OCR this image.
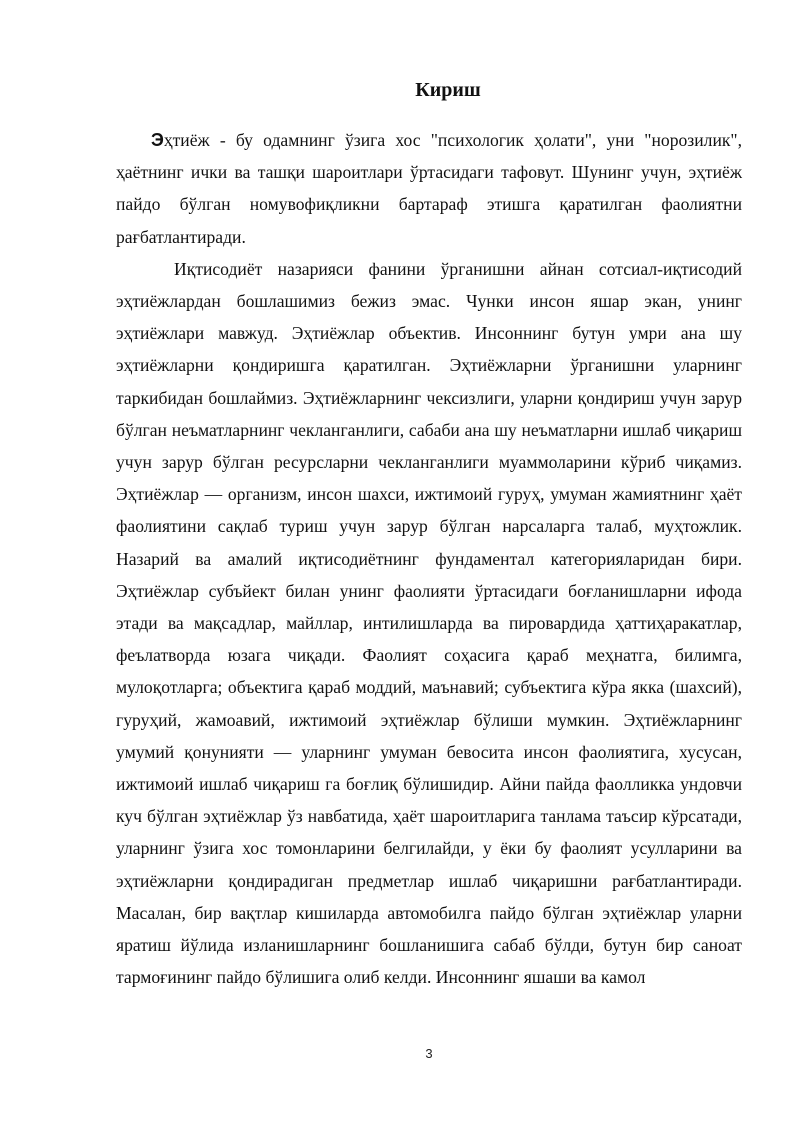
Кириш

Эҳтиёж - бу одамнинг ўзига хос "психологик ҳолати", уни "норозилик", ҳаётнинг ички ва ташқи шароитлари ўртасидаги тафовут. Шунинг учун, эҳтиёж пайдо бўлган номувофиқликни бартараф этишга қаратилган фаолиятни рағбатлантиради.

Иқтисодиёт назарияси фанини ўрганишни айнан сотсиал-иқтисодий эҳтиёжлардан бошлашимиз бежиз эмас. Чунки инсон яшар экан, унинг эҳтиёжлари мавжуд. Эҳтиёжлар объектив. Инсоннинг бутун умри ана шу эҳтиёжларни қондиришга қаратилган. Эҳтиёжларни ўрганишни уларнинг таркибидан бошлаймиз. Эҳтиёжларнинг чексизлиги, уларни қондириш учун зарур бўлган неъматларнинг чекланганлиги, сабаби ана шу неъматларни ишлаб чиқариш учун зарур бўлган ресурсларни чекланганлиги муаммоларини кўриб чиқамиз. Эҳтиёжлар — организм, инсон шахси, ижтимоий гуруҳ, умуман жамиятнинг ҳаёт фаолиятини сақлаб туриш учун зарур бўлган нарсаларга талаб, муҳтожлик. Назарий ва амалий иқтисодиётнинг фундаментал категорияларидан бири. Эҳтиёжлар субъйект билан унинг фаолияти ўртасидаги боғланишларни ифода этади ва мақсадлар, майллар, интилишларда ва пировардида ҳаттиҳаракатлар, феълатворда юзага чиқади. Фаолият соҳасига қараб меҳнатга, билимга, мулоқотларга; объектига қараб моддий, маънавий; субъектига кўра якка (шахсий), гуруҳий, жамоавий, ижтимоий эҳтиёжлар бўлиши мумкин. Эҳтиёжларнинг умумий қонунияти — уларнинг умуман бевосита инсон фаолиятига, хусусан, ижтимоий ишлаб чиқариш га боғлиқ бўлишидир. Айни пайда фаолликка ундовчи куч бўлган эҳтиёжлар ўз навбатида, ҳаёт шароитларига танлама таъсир кўрсатади, уларнинг ўзига хос томонларини белгилайди, у ёки бу фаолият усулларини ва эҳтиёжларни қондирадиган предметлар ишлаб чиқаришни рағбатлантиради. Масалан, бир вақтлар кишиларда автомобилга пайдо бўлган эҳтиёжлар уларни яратиш йўлида изланишларнинг бошланишига сабаб бўлди, бутун бир саноат тармоғининг пайдо бўлишига олиб келди. Инсоннинг яшаши ва камол

3
